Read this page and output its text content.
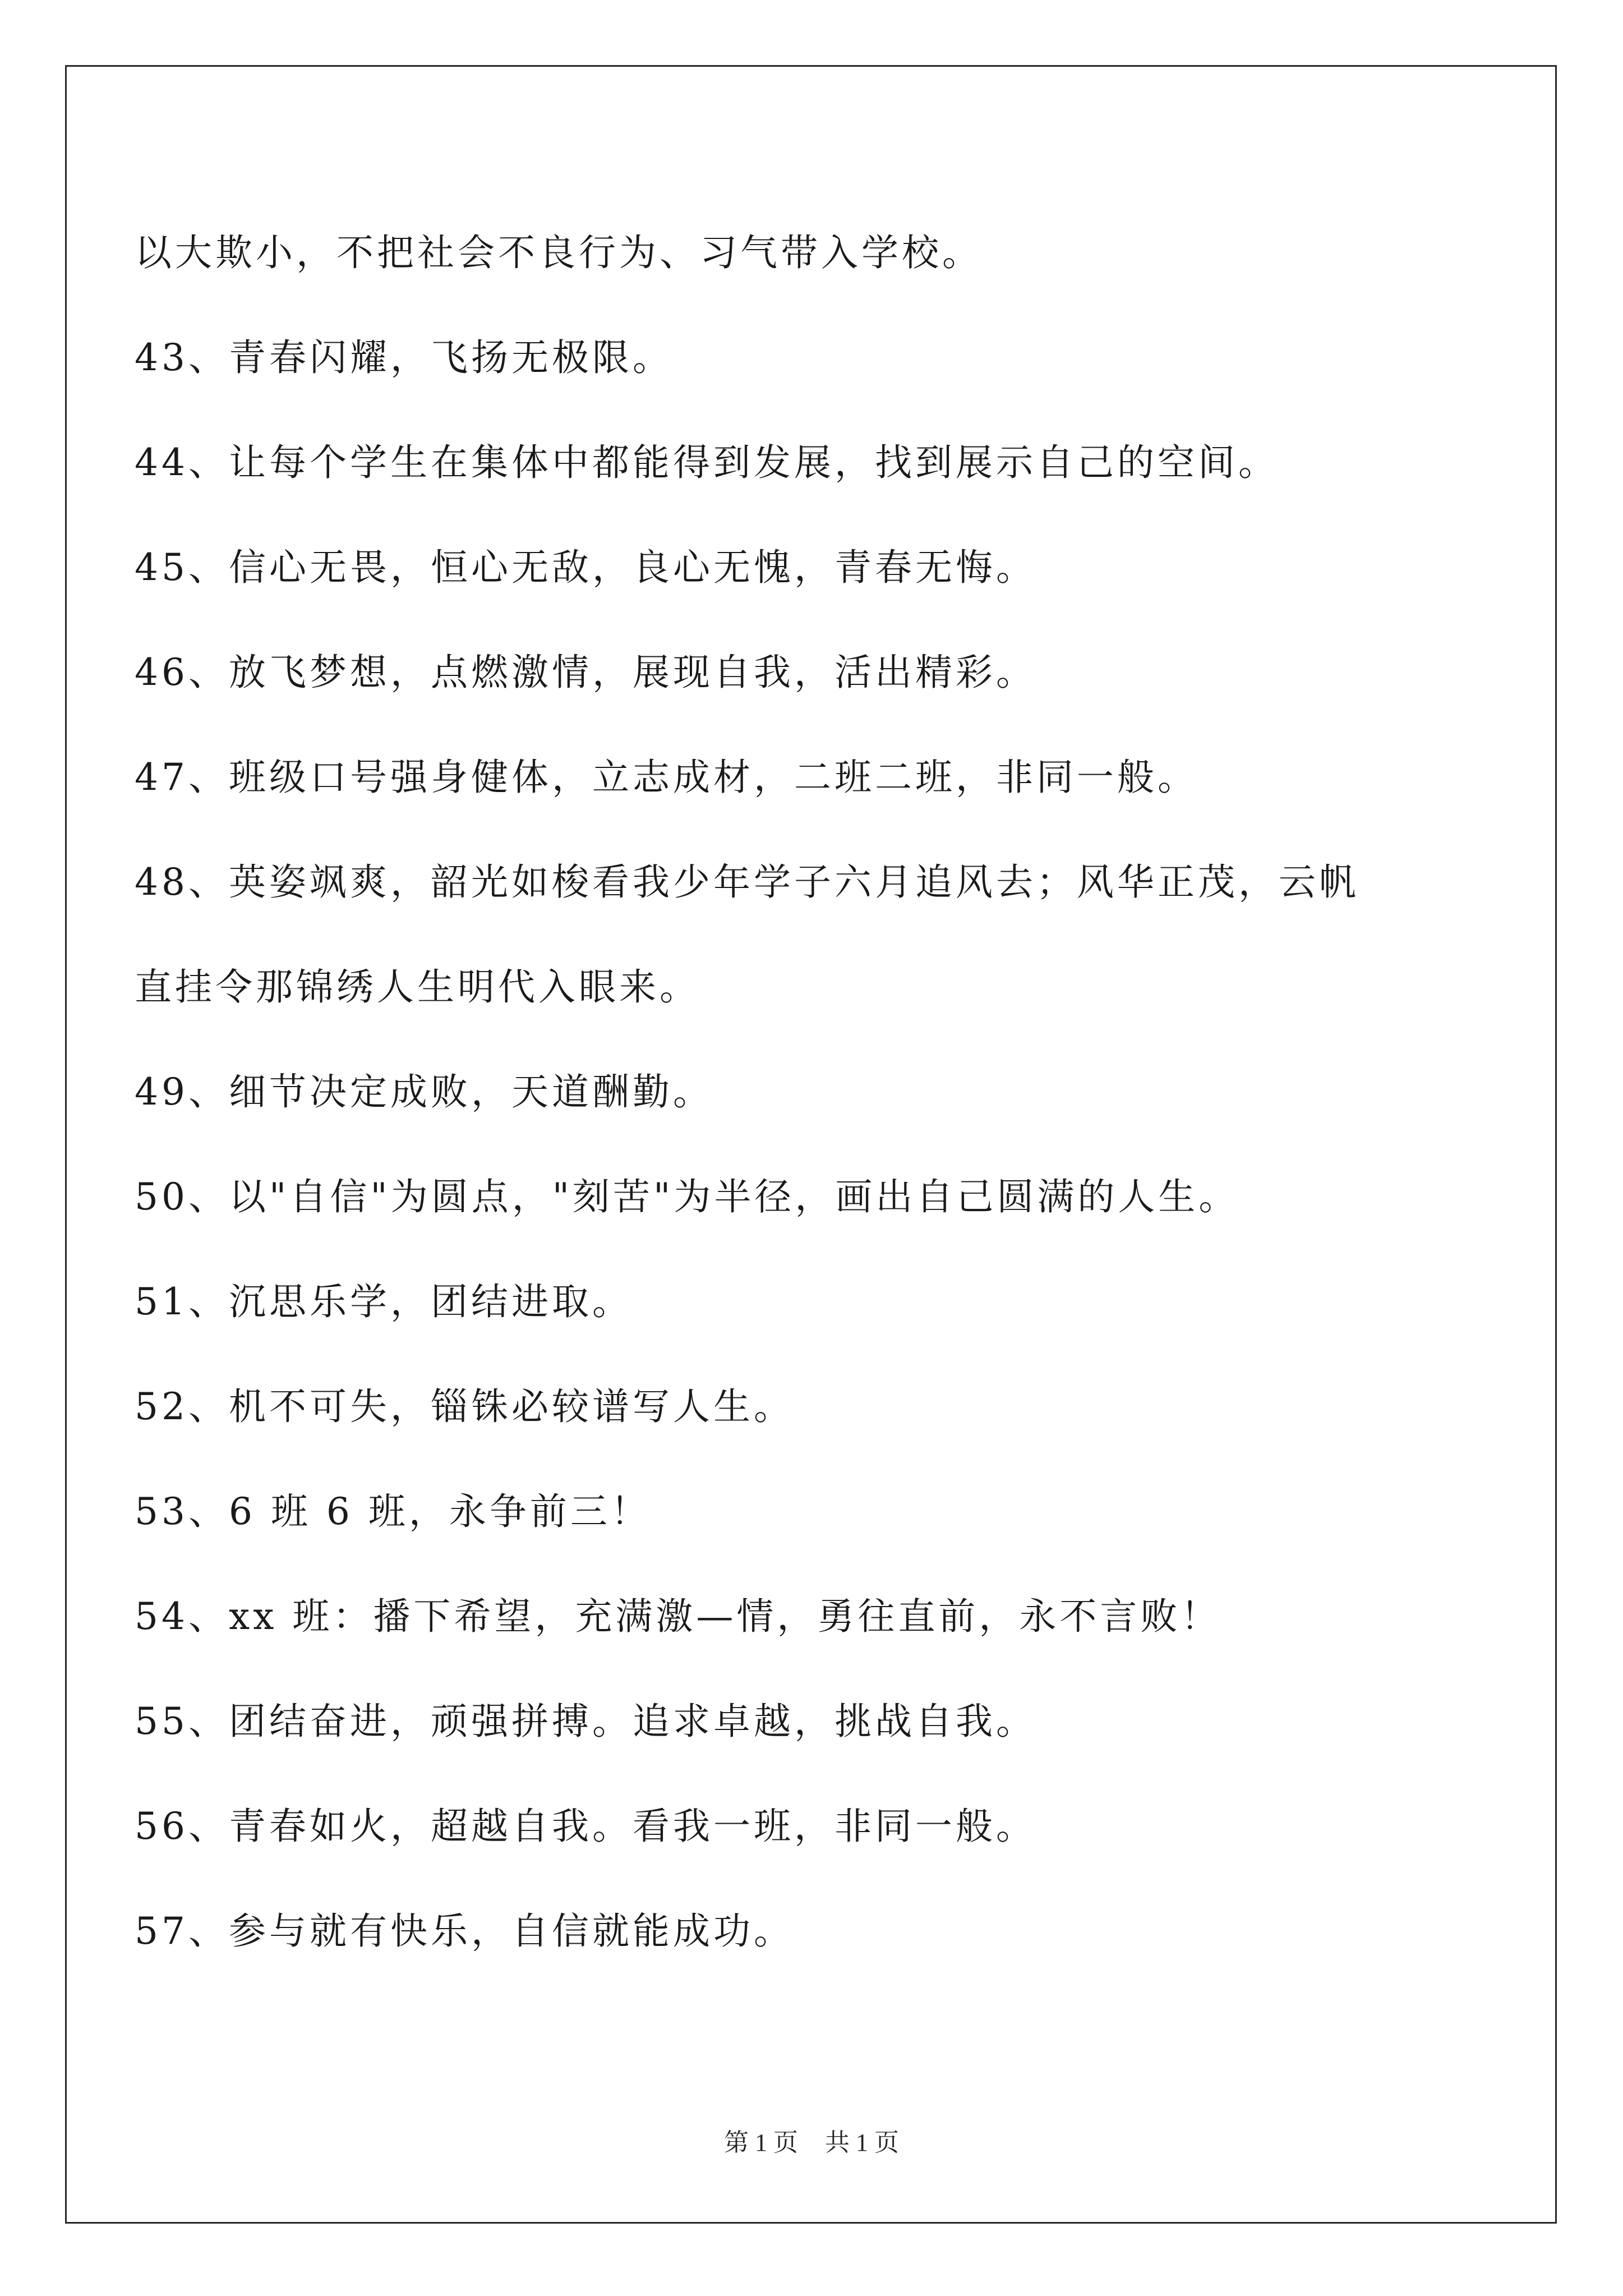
以大欺小，不把社会不良行为、习气带入学校。
43、青春闪耀，飞扬无极限。
44、让每个学生在集体中都能得到发展，找到展示自己的空间。
45、信心无畏，恒心无敌，良心无愧，青春无悔。
46、放飞梦想，点燃激情，展现自我，活出精彩。
47、班级口号强身健体，立志成材，二班二班，非同一般。
48、英姿飒爽，韶光如梭看我少年学子六月追风去；风华正茂，云帆
直挂令那锦绣人生明代入眼来。
49、细节决定成败，天道酬勤。
50、以"自信"为圆点，"刻苦"为半径，画出自己圆满的人生。
51、沉思乐学，团结进取。
52、机不可失，锱铢必较谱写人生。
53、6 班 6 班，永争前三！
54、xx 班：播下希望，充满激—情，勇往直前，永不言败！
55、团结奋进，顽强拼搏。追求卓越，挑战自我。
56、青春如火，超越自我。看我一班，非同一般。
57、参与就有快乐，自信就能成功。
第 1 页 共 1 页
